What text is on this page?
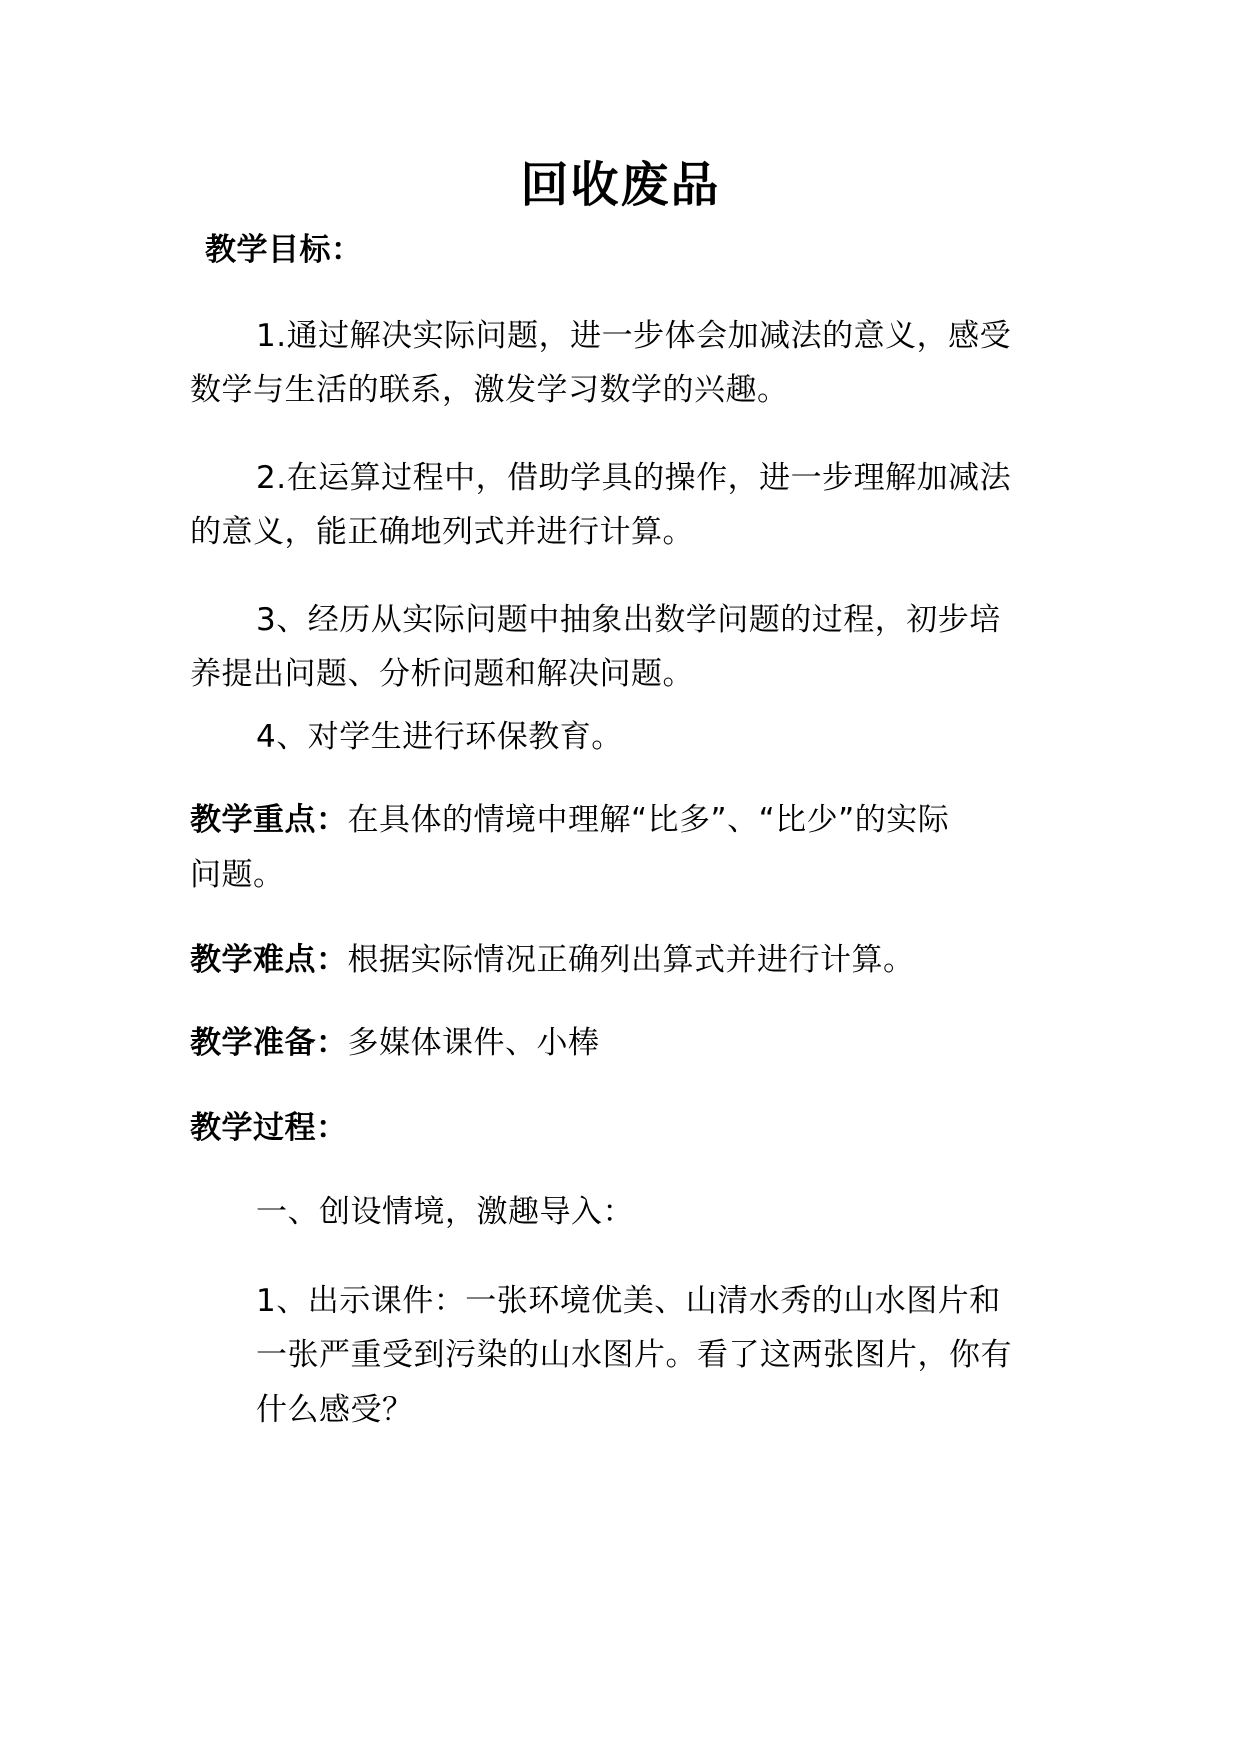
回收废品
教学目标：
1.通过解决实际问题，进一步体会加减法的意义，感受
数学与生活的联系，激发学习数学的兴趣。
2.在运算过程中，借助学具的操作，进一步理解加减法
的意义，能正确地列式并进行计算。
3、经历从实际问题中抽象出数学问题的过程，初步培
养提出问题、分析问题和解决问题。
4、对学生进行环保教育。
教学重点：在具体的情境中理解“比多”、“比少”的实际
问题。
教学难点：根据实际情况正确列出算式并进行计算。
教学准备：多媒体课件、小棒
教学过程：
一、创设情境，激趣导入：
1、出示课件：一张环境优美、山清水秀的山水图片和
一张严重受到污染的山水图片。看了这两张图片，你有
什么感受？
